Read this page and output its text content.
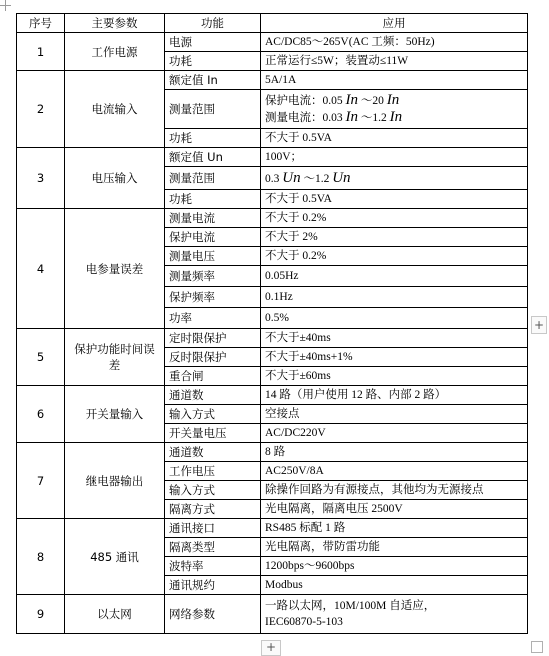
序号	主要参数	功能	应用
1	工作电源	电源	AC/DC85～265V(AC 工频：50Hz)
		功耗	正常运行≤5W；装置动≤11W
2	电流输入	额定值 In	5A/1A
		测量范围	保护电流：0.05 In ～20 In
测量电流：0.03 In ～1.2 In

		功耗	不大于 0.5VA
3	电压输入	额定值 Un	100V；
		测量范围	0.3 Un ～1.2 Un
		功耗	不大于 0.5VA
4	电参量误差	测量电流	不大于 0.2%
		保护电流	不大于 2%
		测量电压	不大于 0.2%
		测量频率	0.05Hz
		保护频率	0.1Hz
		功率	0.5%
5	保护功能时间误差	定时限保护	不大于±40ms
		反时限保护	不大于±40ms+1%
		重合闸	不大于±60ms
6	开关量输入	通道数	14 路（用户使用 12 路、内部 2 路）
		输入方式	空接点
		开关量电压	AC/DC220V
7	继电器输出	通道数	8 路
		工作电压	AC250V/8A
		输入方式	除操作回路为有源接点，其他均为无源接点
		隔离方式	光电隔离，隔离电压 2500V
8	485 通讯	通讯接口	RS485 标配 1 路
		隔离类型	光电隔离，带防雷功能
		波特率	1200bps～9600bps
		通讯规约	Modbus
9	以太网	网络参数	一路以太网，10M/100M 自适应，
IEC60870-5-103
+
+
